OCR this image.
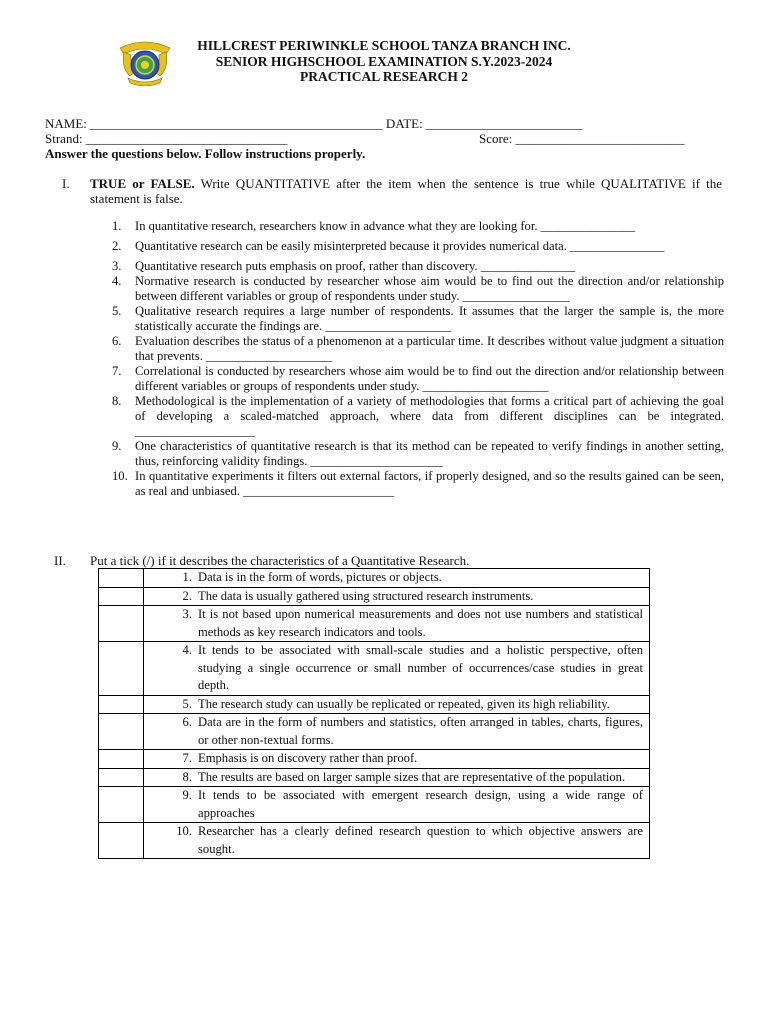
HILLCREST PERIWINKLE SCHOOL TANZA BRANCH INC.
SENIOR HIGHSCHOOL EXAMINATION S.Y.2023-2024
PRACTICAL RESEARCH 2
NAME: _____________________________________________ DATE: ________________________
Strand: _______________________________	Score: __________________________
Answer the questions below. Follow instructions properly.
I. TRUE or FALSE. Write QUANTITATIVE after the item when the sentence is true while QUALITATIVE if the statement is false.
1.	In quantitative research, researchers know in advance what they are looking for. _______________
2.	Quantitative research can be easily misinterpreted because it provides numerical data. _______________
3.	Quantitative research puts emphasis on proof, rather than discovery. _______________
4.	Normative research is conducted by researcher whose aim would be to find out the direction and/or relationship between different variables or group of respondents under study. _________________
5.	Qualitative research requires a large number of respondents. It assumes that the larger the sample is, the more statistically accurate the findings are. ____________________
6.	Evaluation describes the status of a phenomenon at a particular time. It describes without value judgment a situation that prevents. ____________________
7.	Correlational is conducted by researchers whose aim would be to find out the direction and/or relationship between different variables or groups of respondents under study. ____________________
8.	Methodological is the implementation of a variety of methodologies that forms a critical part of achieving the goal of developing a scaled-matched approach, where data from different disciplines can be integrated. ___________________
9.	One characteristics of quantitative research is that its method can be repeated to verify findings in another setting, thus, reinforcing validity findings. _____________________
10. In quantitative experiments it filters out external factors, if properly designed, and so the results gained can be seen, as real and unbiased. ________________________
II. Put a tick (/) if it describes the characteristics of a Quantitative Research.
	1.	Data is in the form of words, pictures or objects.
	2.	The data is usually gathered using structured research instruments.
	3.	It is not based upon numerical measurements and does not use numbers and statistical methods as key research indicators and tools.
	4.	It tends to be associated with small-scale studies and a holistic perspective, often studying a single occurrence or small number of occurrences/case studies in great depth.
	5.	The research study can usually be replicated or repeated, given its high reliability.
	6.	Data are in the form of numbers and statistics, often arranged in tables, charts, figures, or other non-textual forms.
	7.	Emphasis is on discovery rather than proof.
	8.	The results are based on larger sample sizes that are representative of the population.
	9.	It tends to be associated with emergent research design, using a wide range of approaches
	10.	Researcher has a clearly defined research question to which objective answers are sought.
